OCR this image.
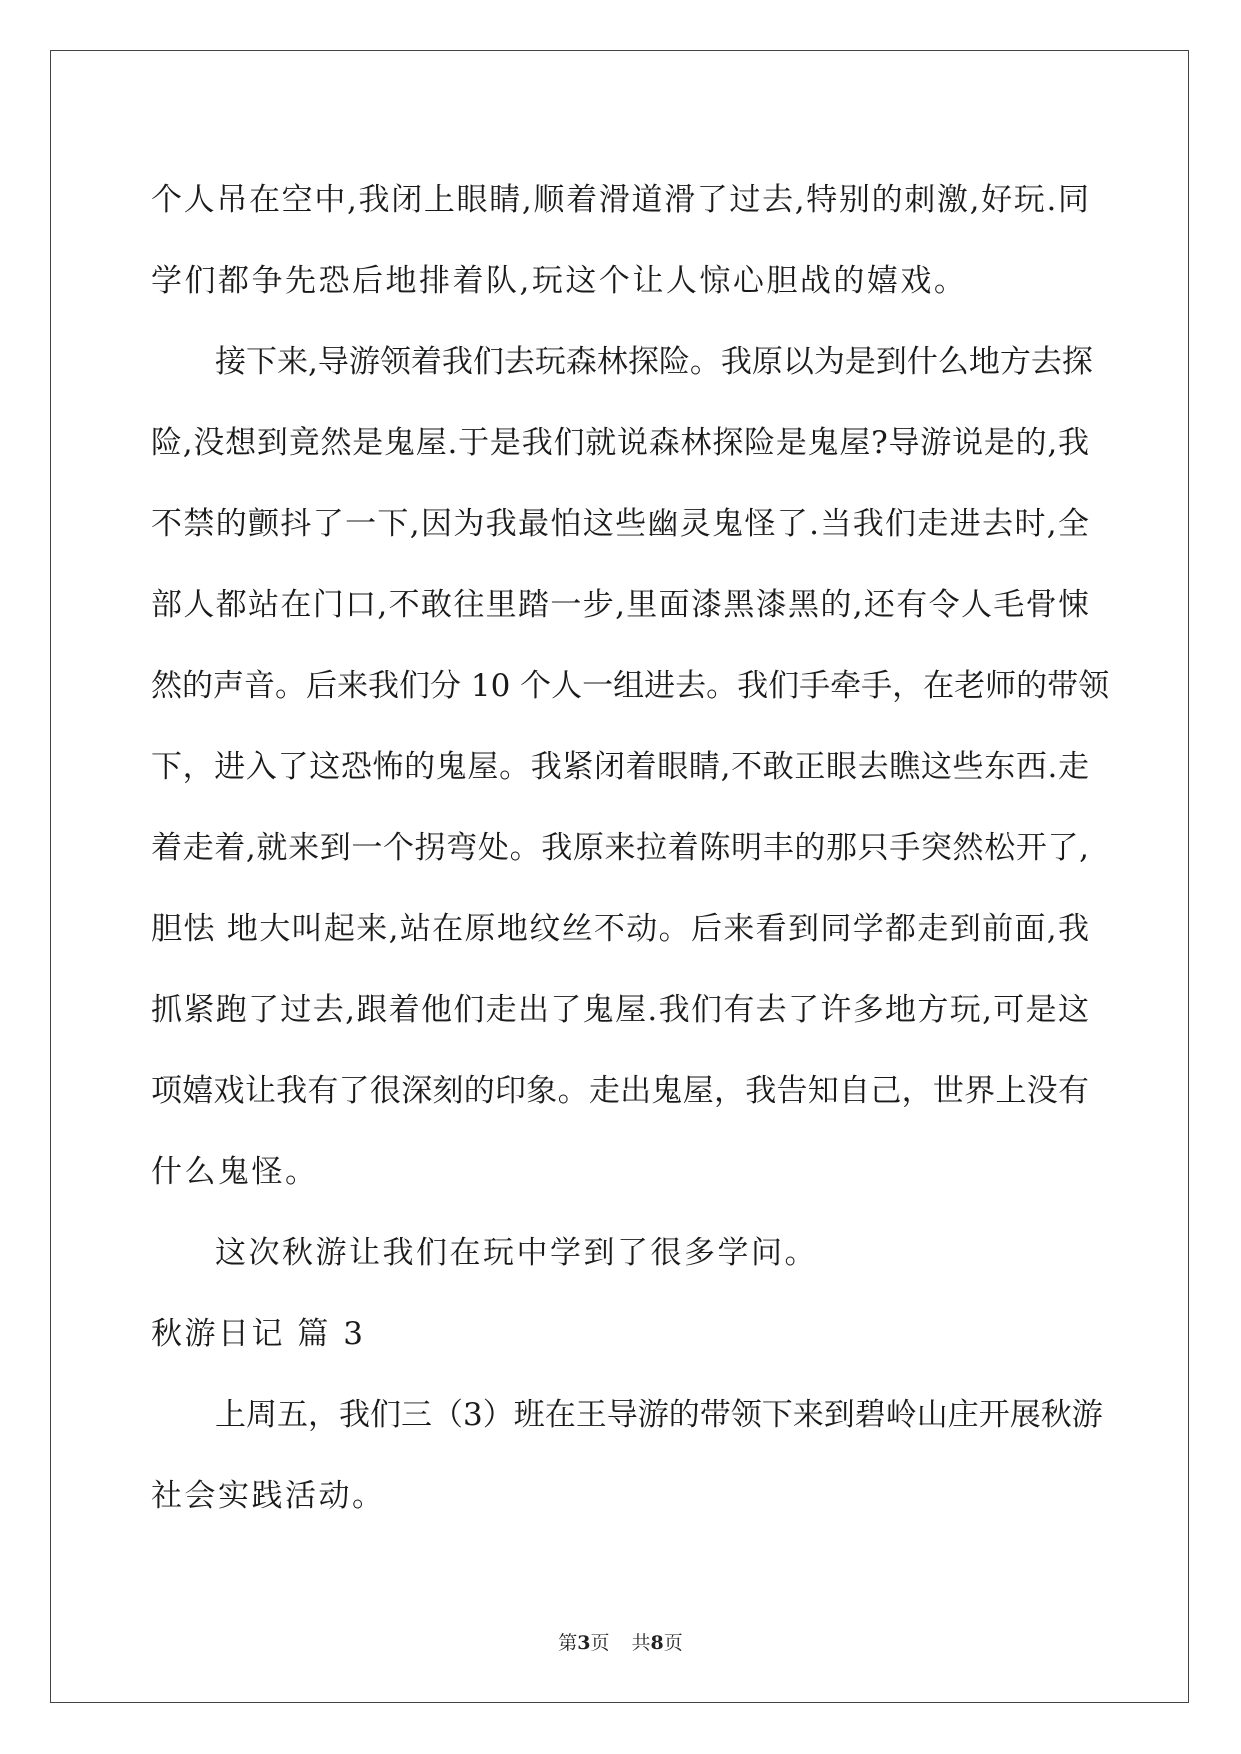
个人吊在空中,我闭上眼睛,顺着滑道滑了过去,特别的刺激,好玩.同
学们都争先恐后地排着队,玩这个让人惊心胆战的嬉戏。
接下来,导游领着我们去玩森林探险。我原以为是到什么地方去探
险,没想到竟然是鬼屋.于是我们就说森林探险是鬼屋?导游说是的,我
不禁的颤抖了一下,因为我最怕这些幽灵鬼怪了.当我们走进去时,全
部人都站在门口,不敢往里踏一步,里面漆黑漆黑的,还有令人毛骨悚
然的声音。后来我们分 10 个人一组进去。我们手牵手，在老师的带领
下，进入了这恐怖的鬼屋。我紧闭着眼睛,不敢正眼去瞧这些东西.走
着走着,就来到一个拐弯处。我原来拉着陈明丰的那只手突然松开了,
胆怯 地大叫起来,站在原地纹丝不动。后来看到同学都走到前面,我
抓紧跑了过去,跟着他们走出了鬼屋.我们有去了许多地方玩,可是这
项嬉戏让我有了很深刻的印象。走出鬼屋，我告知自己，世界上没有
什么鬼怪。
这次秋游让我们在玩中学到了很多学问。
秋游日记 篇 3
上周五，我们三（3）班在王导游的带领下来到碧岭山庄开展秋游
社会实践活动。
第3页 共8页
